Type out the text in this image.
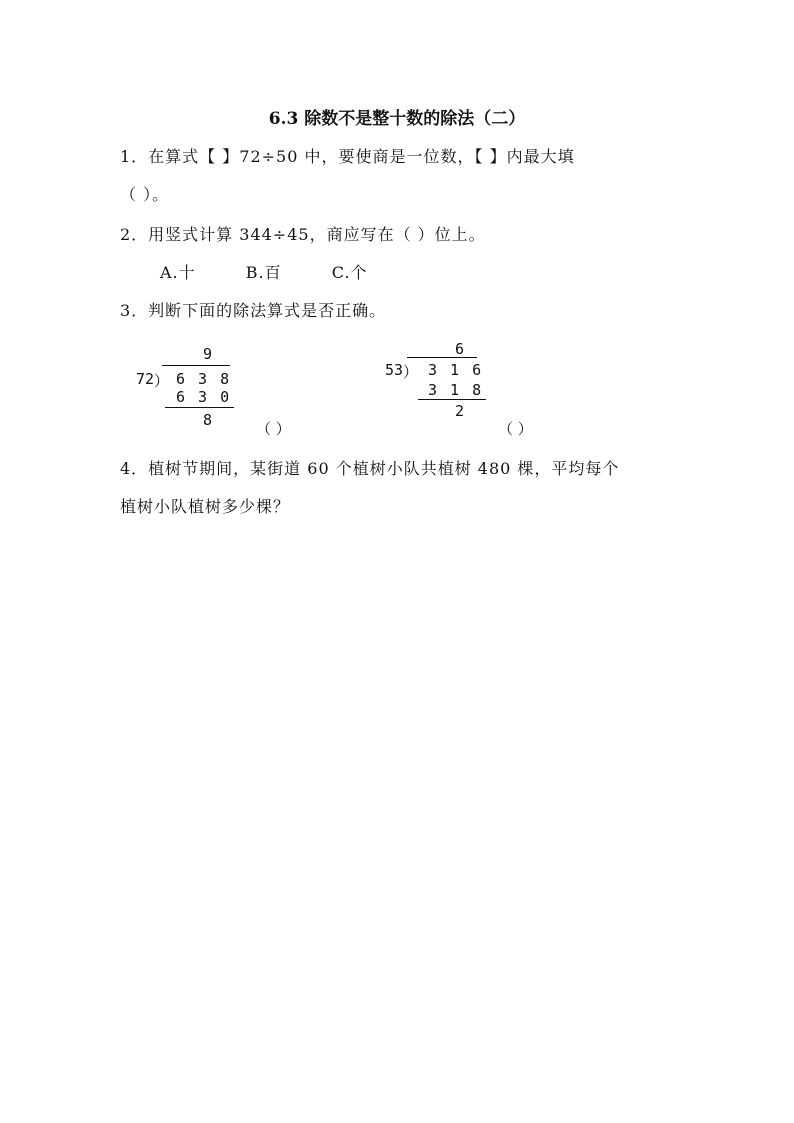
6.3 除数不是整十数的除法（二）
1．在算式【 】72÷50 中，要使商是一位数，【 】内最大填
（ ）。
2．用竖式计算 344÷45，商应写在（ ）位上。
A.十	B.百	C.个
3．判断下面的除法算式是否正确。
9
72 ） 6 3 8
6 3 0
8	（ ）
6
53 ） 3 1 6
3 1 8
2
（ ）
4．植树节期间，某街道 60 个植树小队共植树 480 棵，平均每个
植树小队植树多少棵？
